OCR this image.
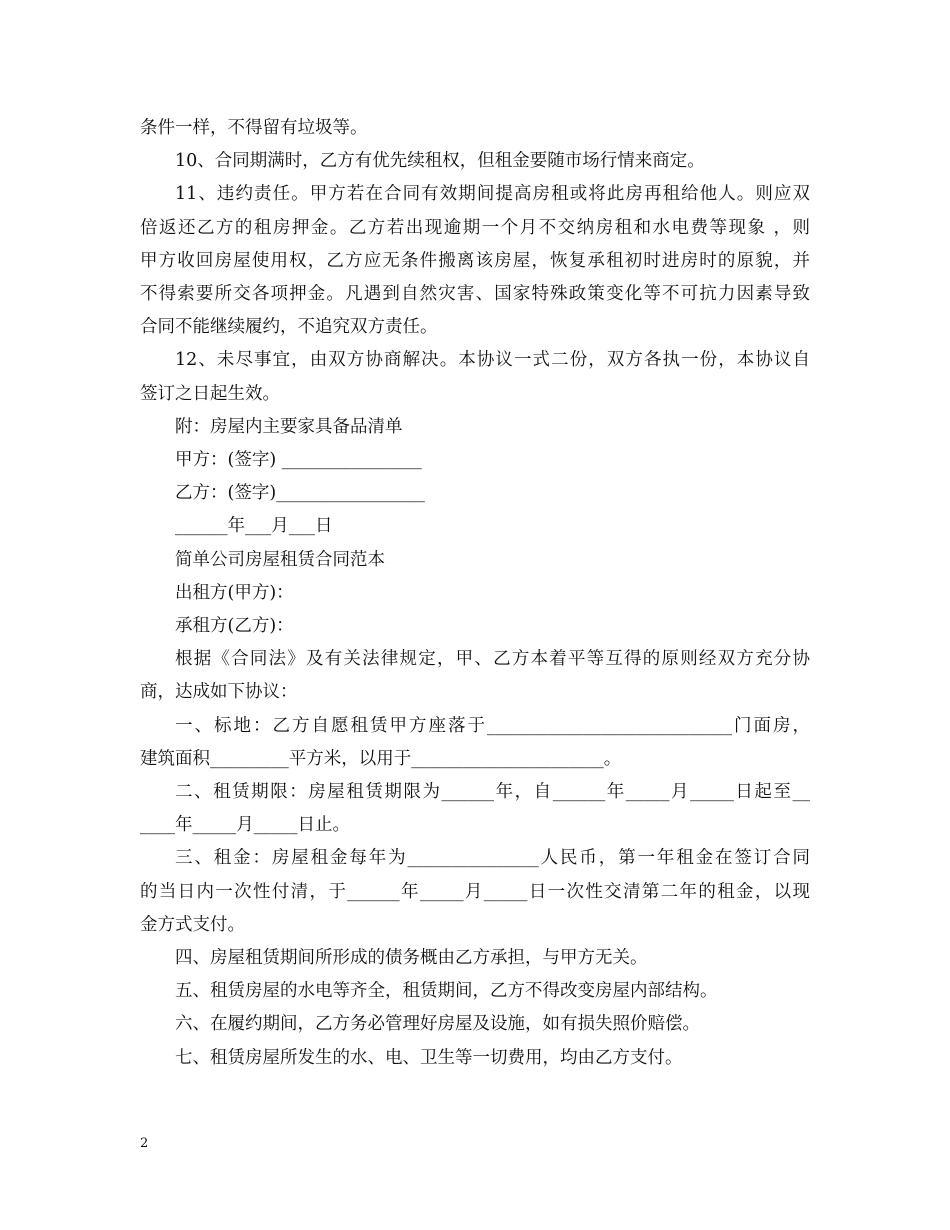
条件一样，不得留有垃圾等。
10、合同期满时，乙方有优先续租权，但租金要随市场行情来商定。
11、违约责任。甲方若在合同有效期间提高房租或将此房再租给他人。则应双
倍返还乙方的租房押金。乙方若出现逾期一个月不交纳房租和水电费等现象 ，则
甲方收回房屋使用权，乙方应无条件搬离该房屋，恢复承租初时进房时的原貌，并
不得索要所交各项押金。凡遇到自然灾害、国家特殊政策变化等不可抗力因素导致
合同不能继续履约，不追究双方责任。
12、未尽事宜，由双方协商解决。本协议一式二份，双方各执一份，本协议自
签订之日起生效。
附：房屋内主要家具备品清单
甲方：(签字) ________________
乙方：(签字)_________________
______年___月___日
简单公司房屋租赁合同范本
出租方(甲方)：
承租方(乙方)：
根据《合同法》及有关法律规定，甲、乙方本着平等互得的原则经双方充分协
商，达成如下协议：
一、标地：乙方自愿租赁甲方座落于____________________________门面房，
建筑面积_________平方米，以用于______________________。
二、租赁期限：房屋租赁期限为______年，自______年_____月_____日起至__
____年_____月_____日止。
三、租金：房屋租金每年为_______________人民币，第一年租金在签订合同
的当日内一次性付清，于______年_____月_____日一次性交清第二年的租金，以现
金方式支付。
四、房屋租赁期间所形成的债务概由乙方承担，与甲方无关。
五、租赁房屋的水电等齐全，租赁期间，乙方不得改变房屋内部结构。
六、在履约期间，乙方务必管理好房屋及设施，如有损失照价赔偿。
七、租赁房屋所发生的水、电、卫生等一切费用，均由乙方支付。
2
